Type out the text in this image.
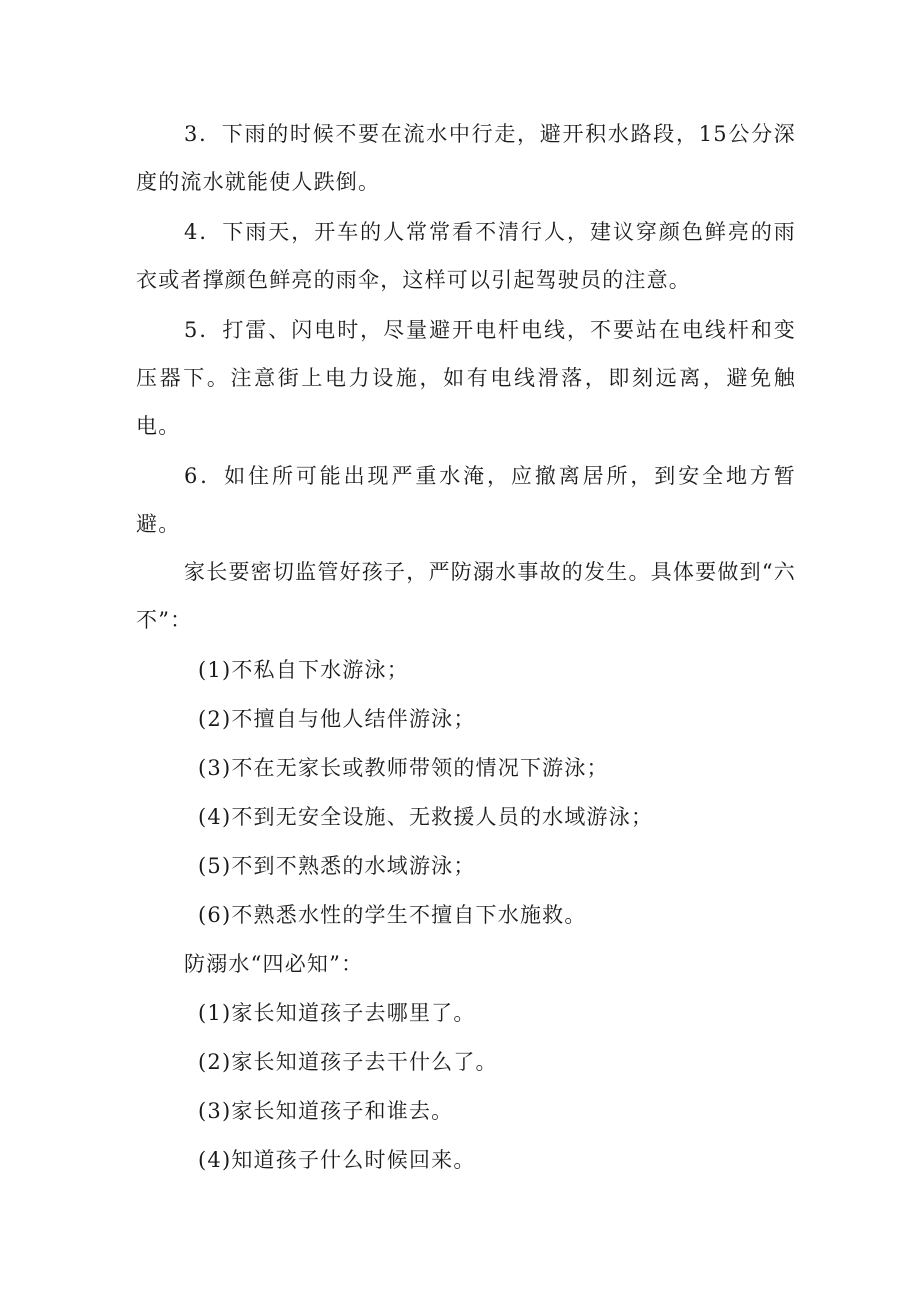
3．下雨的时候不要在流水中行走，避开积水路段，15公分深度的流水就能使人跌倒。

4．下雨天，开车的人常常看不清行人，建议穿颜色鲜亮的雨衣或者撑颜色鲜亮的雨伞，这样可以引起驾驶员的注意。

5．打雷、闪电时，尽量避开电杆电线，不要站在电线杆和变压器下。注意街上电力设施，如有电线滑落，即刻远离，避免触电。

6．如住所可能出现严重水淹，应撤离居所，到安全地方暂避。

家长要密切监管好孩子，严防溺水事故的发生。具体要做到“六不”：

(1)不私自下水游泳；
(2)不擅自与他人结伴游泳；
(3)不在无家长或教师带领的情况下游泳；
(4)不到无安全设施、无救援人员的水域游泳；
(5)不到不熟悉的水域游泳；
(6)不熟悉水性的学生不擅自下水施救。
防溺水“四必知”：
(1)家长知道孩子去哪里了。
(2)家长知道孩子去干什么了。
(3)家长知道孩子和谁去。
(4)知道孩子什么时候回来。
